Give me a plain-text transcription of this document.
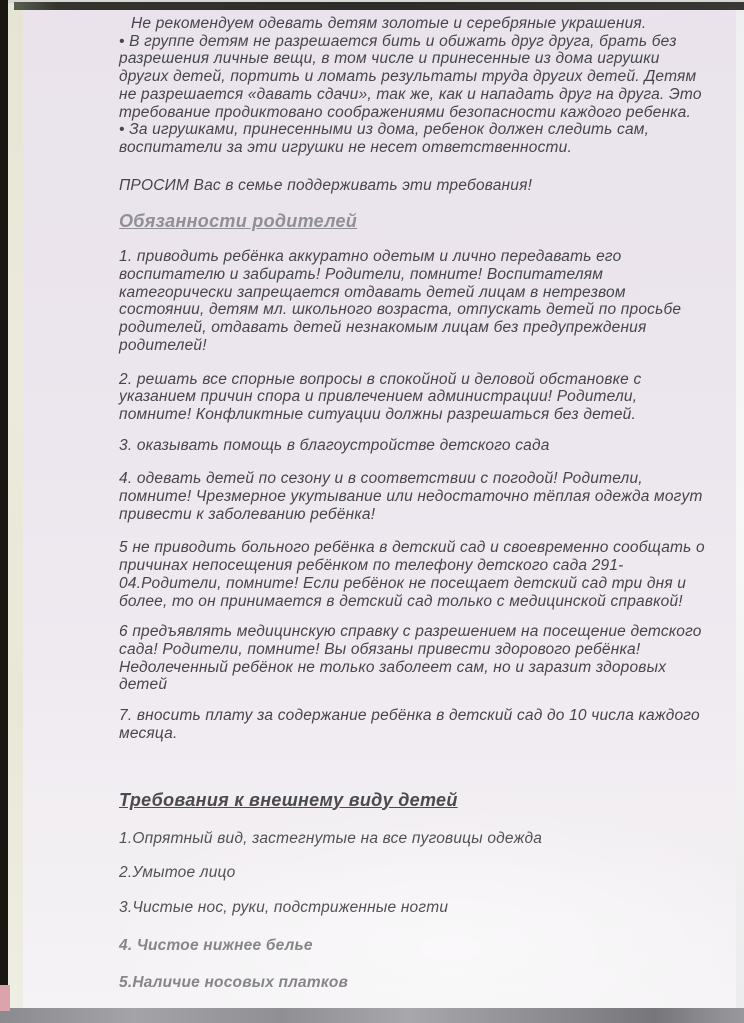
Не рекомендуем одевать детям золотые и серебряные украшения.

• В группе детям не разрешается бить и обижать друг друга, брать без разрешения личные вещи, в том числе и принесенные из дома игрушки других детей, портить и ломать результаты труда других детей. Детям не разрешается «давать сдачи», так же, как и нападать друг на друга. Это требование продиктовано соображениями безопасности каждого ребенка.

• За игрушками, принесенными из дома, ребенок должен следить сам, воспитатели за эти игрушки не несет ответственности.

ПРОСИМ Вас в семье поддерживать эти требования!

Обязанности родителей

1. приводить ребёнка аккуратно одетым и лично передавать его воспитателю и забирать! Родители, помните! Воспитателям категорически запрещается отдавать детей лицам в нетрезвом состоянии, детям мл. школьного возраста, отпускать детей по просьбе родителей, отдавать детей незнакомым лицам без предупреждения родителей!

2. решать все спорные вопросы в спокойной и деловой обстановке с указанием причин спора и привлечением администрации! Родители, помните! Конфликтные ситуации должны разрешаться без детей.

3. оказывать помощь в благоустройстве детского сада

4. одевать детей по сезону и в соответствии с погодой! Родители, помните! Чрезмерное укутывание или недостаточно тёплая одежда могут привести к заболеванию ребёнка!

5 не приводить больного ребёнка в детский сад и своевременно сообщать о причинах непосещения ребёнком по телефону детского сада 291-04.Родители, помните! Если ребёнок не посещает детский сад три дня и более, то он принимается в детский сад только с медицинской справкой!

6 предъявлять медицинскую справку с разрешением на посещение детского сада! Родители, помните! Вы обязаны привести здорового ребёнка! Недолеченный ребёнок не только заболеет сам, но и заразит здоровых детей

7. вносить плату за содержание ребёнка в детский сад до 10 числа каждого месяца.

Требования к внешнему виду детей

1.Опрятный вид, застегнутые на все пуговицы одежда

2.Умытое лицо

3.Чистые нос, руки, подстриженные ногти

4. Чистое нижнее белье

5.Наличие носовых платков
